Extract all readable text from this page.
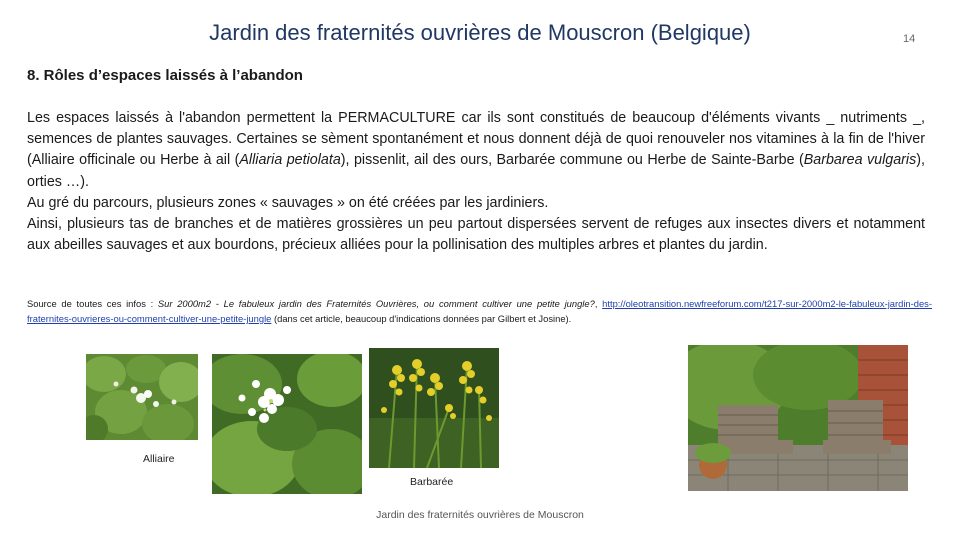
Jardin des fraternités ouvrières de Mouscron (Belgique)	14
8. Rôles d’espaces laissés à l’abandon

Les espaces laissés à l'abandon permettent la PERMACULTURE car ils sont constitués de beaucoup d'éléments vivants _ nutriments _, semences de plantes sauvages. Certaines se sèment spontanément et nous donnent déjà de quoi renouveler nos vitamines à la fin de l'hiver (Alliaire officinale ou Herbe à ail (Alliaria petiolata), pissenlit, ail des ours, Barbarée commune ou Herbe de Sainte-Barbe (Barbarea vulgaris), orties …).

Au gré du parcours, plusieurs zones « sauvages » on été créées par les jardiniers.

Ainsi, plusieurs tas de branches et de matières grossières un peu partout dispersées servent de refuges aux insectes divers et notamment aux abeilles sauvages et aux bourdons, précieux alliées pour la pollinisation des multiples arbres et plantes du jardin.

Source de toutes ces infos : Sur 2000m2 - Le fabuleux jardin des Fraternités Ouvrières, ou comment cultiver une petite jungle?, http://oleotransition.newfreeforum.com/t217-sur-2000m2-le-fabuleux-jardin-des-fraternites-ouvrieres-ou-comment-cultiver-une-petite-jungle (dans cet article, beaucoup d'indications données par Gilbert et Josine).
Alliaire
Barbarée
Jardin des fraternités ouvrières de Mouscron
